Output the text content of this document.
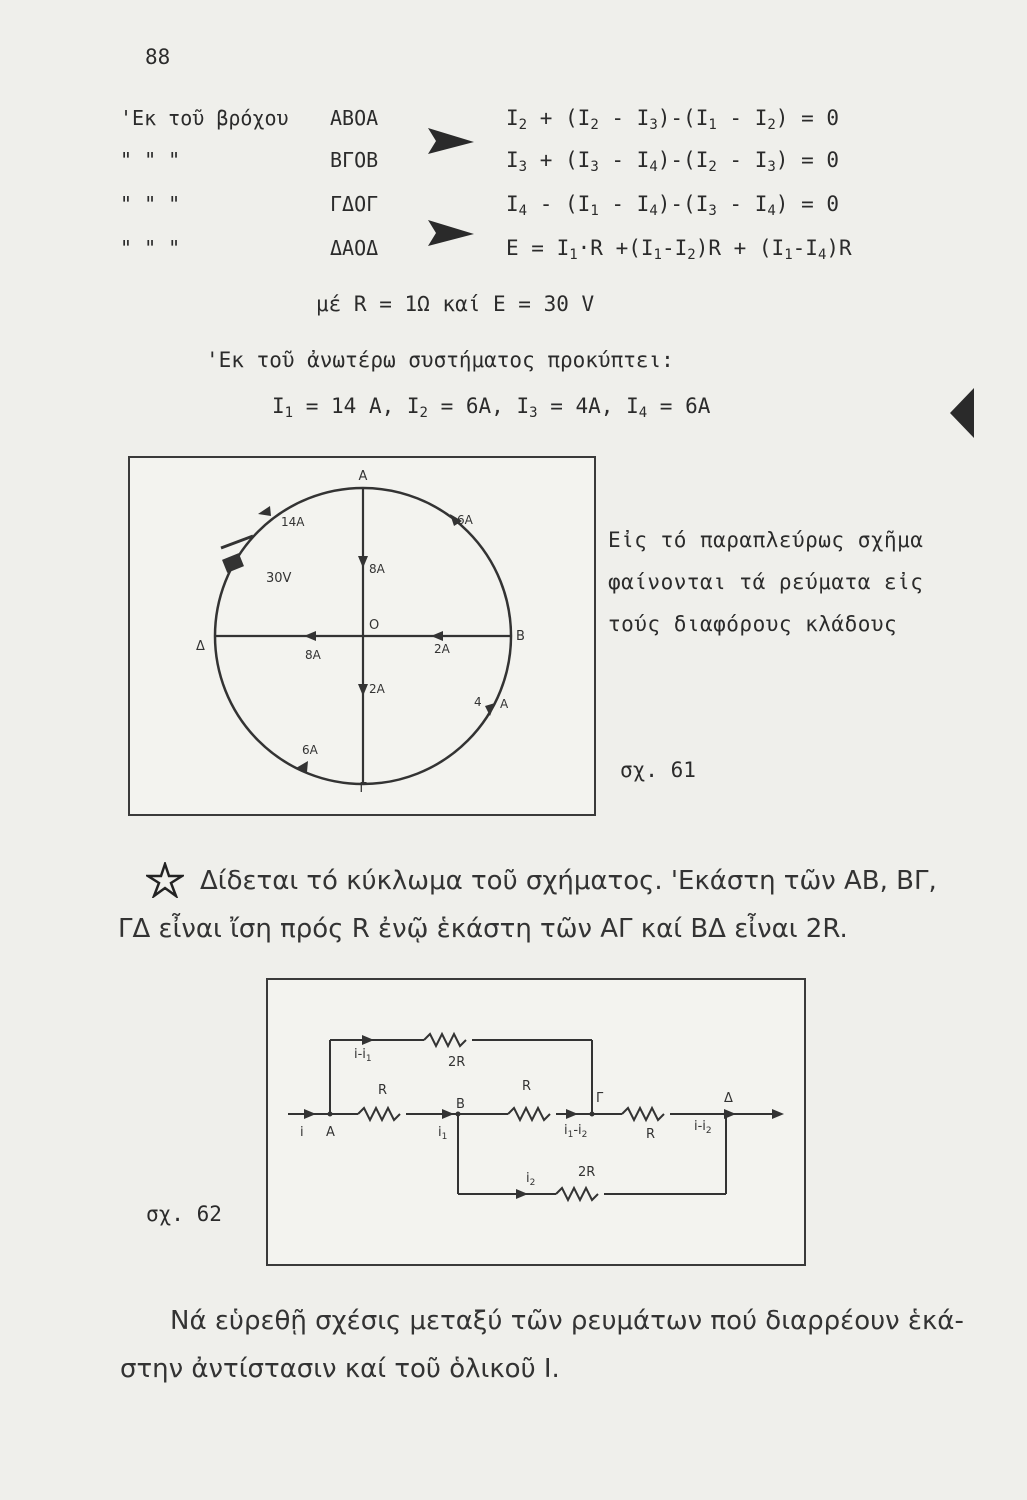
88
'Εκ τοῦ βρόχου ΑΒΟΑ	$I_2 + (I_2 - I_3)-(I_1 - I_2) = 0$
" " "	ΒΓΟΒ	$I_3 + (I_3 - I_4)-(I_2 - I_3) = 0$
" " "	ΓΔΟΓ	$I_4 - (I_1 - I_4)-(I_3 - I_4) = 0$
" " "	ΔΑΟΔ	$E = I_1\cdot R +(I_1-I_2)R + (I_1-I_4)R$
μέ R = 1Ω καί E = 30 V
'Εκ τοῦ ἀνωτέρω συστήματος προκύπτει:
$I_1 = 14$ A, $I_2 = 6A$, $I_3 = 4A$, $I_4 = 6A$
Α
Β
Γ
Δ
Ο
6Α
14Α
8Α
2Α
8Α
2Α
4 Α
6Α
30V
Εἰς τό παραπλεύρως σχῆμα
φαίνονται τά ρεύματα εἰς
τούς διαφόρους κλάδους
σχ. 61
Δίδεται τό κύκλωμα τοῦ σχήματος. 'Εκάστη τῶν ΑΒ, ΒΓ,
ΓΔ εἶναι ἴση πρός R ἐνῷ ἑκάστη τῶν ΑΓ καί ΒΔ εἶναι 2R.
i A
Β	Γ	Δ
R	R
R
2R
2R
$i-i_1$
$i_1$	$i_1-i_2$
$i-i_2$
$i_2$
σχ. 62
Νά εὑρεθῇ σχέσις μεταξύ τῶν ρευμάτων πού διαρρέουν ἑκά-
στην ἀντίστασιν καί τοῦ ὁλικοῦ Ι.
